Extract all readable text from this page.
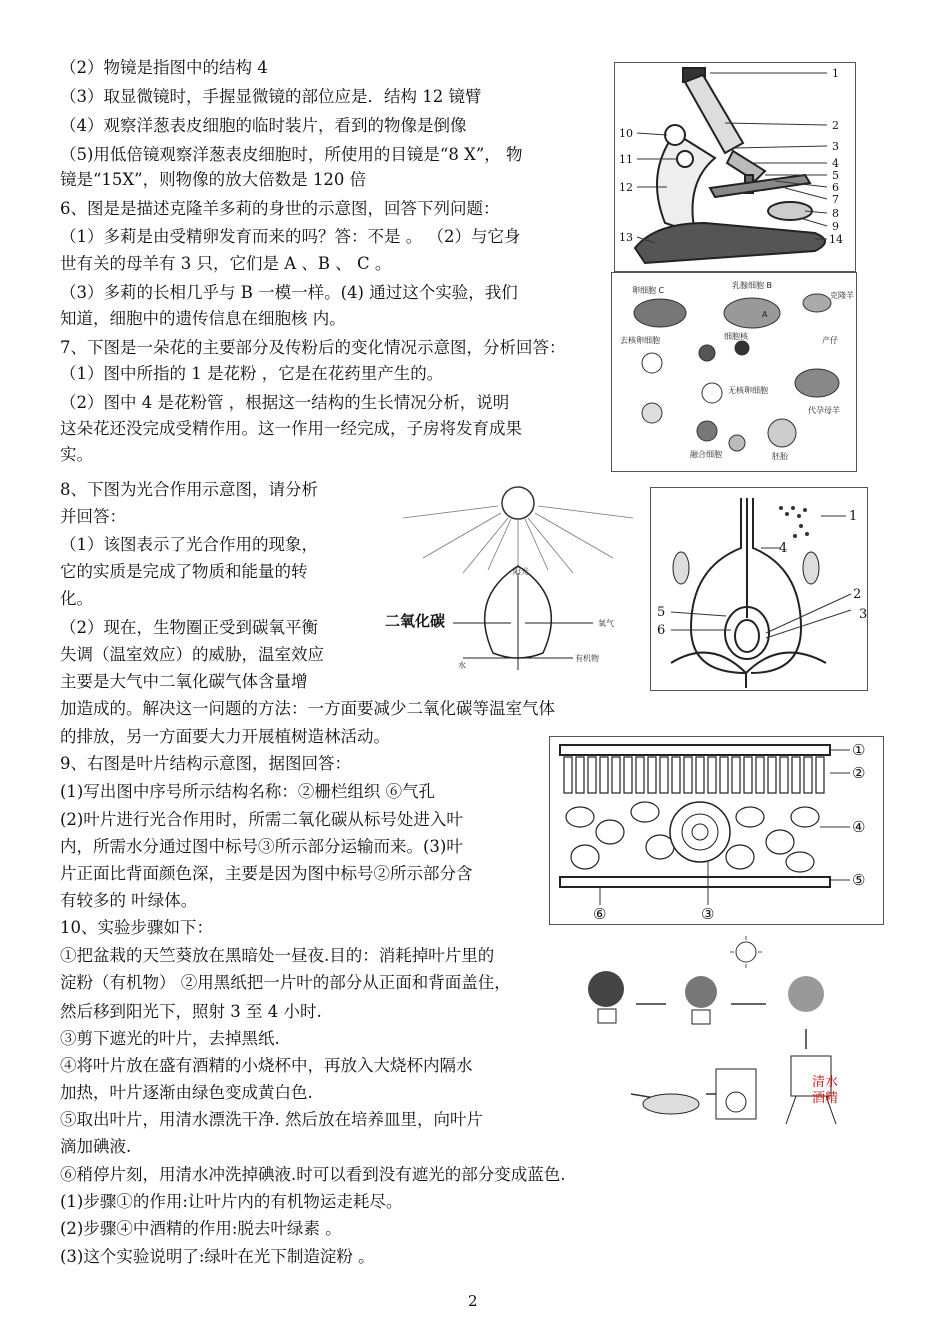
（2）物镜是指图中的结构 4
（3）取显微镜时，手握显微镜的部位应是．结构 12 镜臂
（4）观察洋葱表皮细胞的临时装片，看到的物像是倒像
（5)用低倍镜观察洋葱表皮细胞时，所使用的目镜是“8 X”， 物
镜是“15X”，则物像的放大倍数是 120 倍
6、图是是描述克隆羊多莉的身世的示意图，回答下列问题：
（1）多莉是由受精卵发育而来的吗？答：不是 。 （2）与它身
世有关的母羊有 3 只，它们是 A 、B 、 C 。
（3）多莉的长相几乎与 B 一模一样。(4) 通过这个实验，我们
知道，细胞中的遗传信息在细胞核 内。
7、下图是一朵花的主要部分及传粉后的变化情况示意图，分析回答：
（1）图中所指的 1 是花粉 ，它是在花药里产生的。
（2）图中 4 是花粉管 ，根据这一结构的生长情况分析，说明
这朵花还没完成受精作用。这一作用一经完成，子房将发育成果
实。
8、下图为光合作用示意图，请分析
并回答：
（1）该图表示了光合作用的现象，
它的实质是完成了物质和能量的转
化。
（2）现在，生物圈正受到碳氧平衡
失调（温室效应）的威胁，温室效应
主要是大气中二氧化碳气体含量增
加造成的。解决这一问题的方法：一方面要减少二氧化碳等温室气体
的排放，另一方面要大力开展植树造林活动。
9、右图是叶片结构示意图，据图回答：
(1)写出图中序号所示结构名称：②栅栏组织 ⑥气孔
(2)叶片进行光合作用时，所需二氧化碳从标号处进入叶
内，所需水分通过图中标号③所示部分运输而来。(3)叶
片正面比背面颜色深，主要是因为图中标号②所示部分含
有较多的 叶绿体。
10、实验步骤如下：
①把盆栽的天竺葵放在黑暗处一昼夜.目的：消耗掉叶片里的
淀粉（有机物） ②用黑纸把一片叶的部分从正面和背面盖住，
然后移到阳光下，照射 3 至 4 小时.
③剪下遮光的叶片，去掉黑纸.
④将叶片放在盛有酒精的小烧杯中，再放入大烧杯内隔水
加热，叶片逐渐由绿色变成黄白色.
⑤取出叶片，用清水漂洗干净. 然后放在培养皿里，向叶片
滴加碘液.
⑥稍停片刻，用清水冲洗掉碘液.时可以看到没有遮光的部分变成蓝色.
(1)步骤①的作用:让叶片内的有机物运走耗尽。
(2)步骤④中酒精的作用:脱去叶绿素 。
(3)这个实验说明了:绿叶在光下制造淀粉 。
1
2
3
4
5
6
7
8
9
10
11
12
13	14
卵细胞 C
乳腺细胞 B
去核卵细胞	细胞核
无核卵细胞
融合细胞	胚胎
代孕母羊
产仔
克隆羊
A
二氧化碳
阳光
氧气
水
有机物
1
2
3
4
5
6
①
②
④
⑤
⑥	③
清水
酒精
2
